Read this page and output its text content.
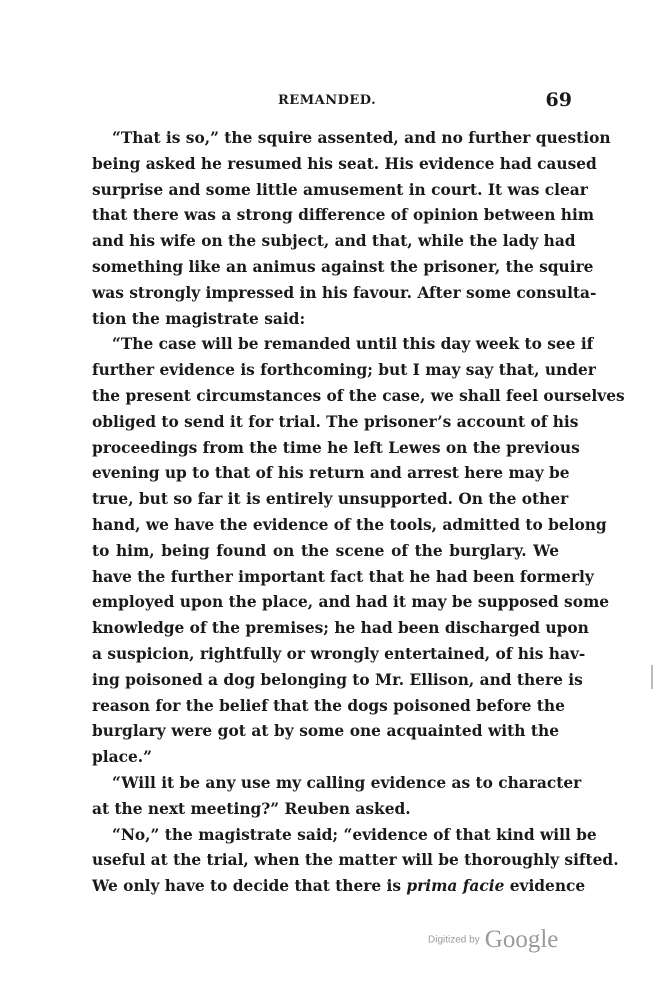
REMANDED.	69
“That is so,” the squire assented, and no further question
being asked he resumed his seat. His evidence had caused
surprise and some little amusement in court. It was clear
that there was a strong difference of opinion between him
and his wife on the subject, and that, while the lady had
something like an animus against the prisoner, the squire
was strongly impressed in his favour. After some consulta-
tion the magistrate said:
“The case will be remanded until this day week to see if
further evidence is forthcoming; but I may say that, under
the present circumstances of the case, we shall feel ourselves
obliged to send it for trial. The prisoner’s account of his
proceedings from the time he left Lewes on the previous
evening up to that of his return and arrest here may be
true, but so far it is entirely unsupported. On the other
hand, we have the evidence of the tools, admitted to belong
to him, being found on the scene of the burglary. We
have the further important fact that he had been formerly
employed upon the place, and had it may be supposed some
knowledge of the premises; he had been discharged upon
a suspicion, rightfully or wrongly entertained, of his hav-
ing poisoned a dog belonging to Mr. Ellison, and there is
reason for the belief that the dogs poisoned before the
burglary were got at by some one acquainted with the
place.”
“Will it be any use my calling evidence as to character
at the next meeting?” Reuben asked.
“No,” the magistrate said; “evidence of that kind will be
useful at the trial, when the matter will be thoroughly sifted.
We only have to decide that there is prima facie evidence
Digitized by Google
